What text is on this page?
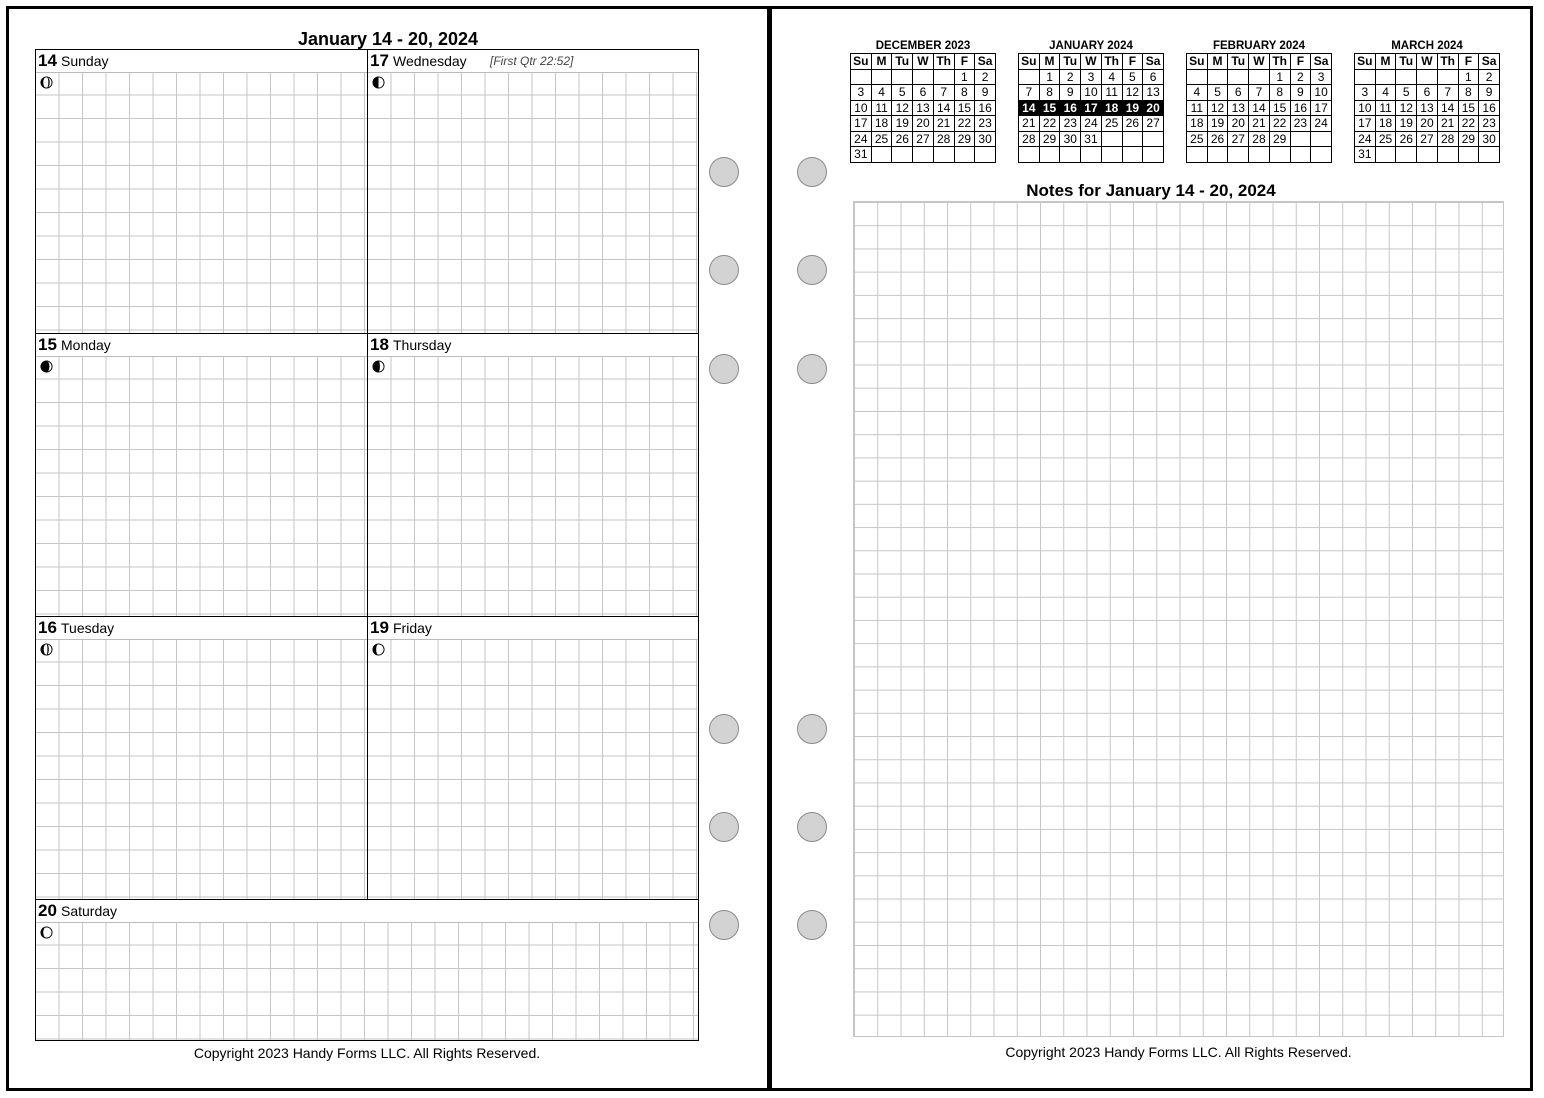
January 14 - 20, 2024
14 Sunday	17 Wednesday [First Qtr 22:52]
15 Monday	18 Thursday
16 Tuesday	19 Friday
20 Saturday
Copyright 2023 Handy Forms LLC. All Rights Reserved.
DECEMBER 2023
Su	M	Tu	W	Th	F	Sa
					1	2
3	4	5	6	7	8	9
10	11	12	13	14	15	16
17	18	19	20	21	22	23
24	25	26	27	28	29	30
31						
JANUARY 2024
Su	M	Tu	W	Th	F	Sa
	1	2	3	4	5	6
7	8	9	10	11	12	13
14	15	16	17	18	19	20
21	22	23	24	25	26	27
28	29	30	31			

FEBRUARY 2024
Su	M	Tu	W	Th	F	Sa
				1	2	3
4	5	6	7	8	9	10
11	12	13	14	15	16	17
18	19	20	21	22	23	24
25	26	27	28	29		

MARCH 2024
Su	M	Tu	W	Th	F	Sa
					1	2
3	4	5	6	7	8	9
10	11	12	13	14	15	16
17	18	19	20	21	22	23
24	25	26	27	28	29	30
31						
Notes for January 14 - 20, 2024
Copyright 2023 Handy Forms LLC. All Rights Reserved.
